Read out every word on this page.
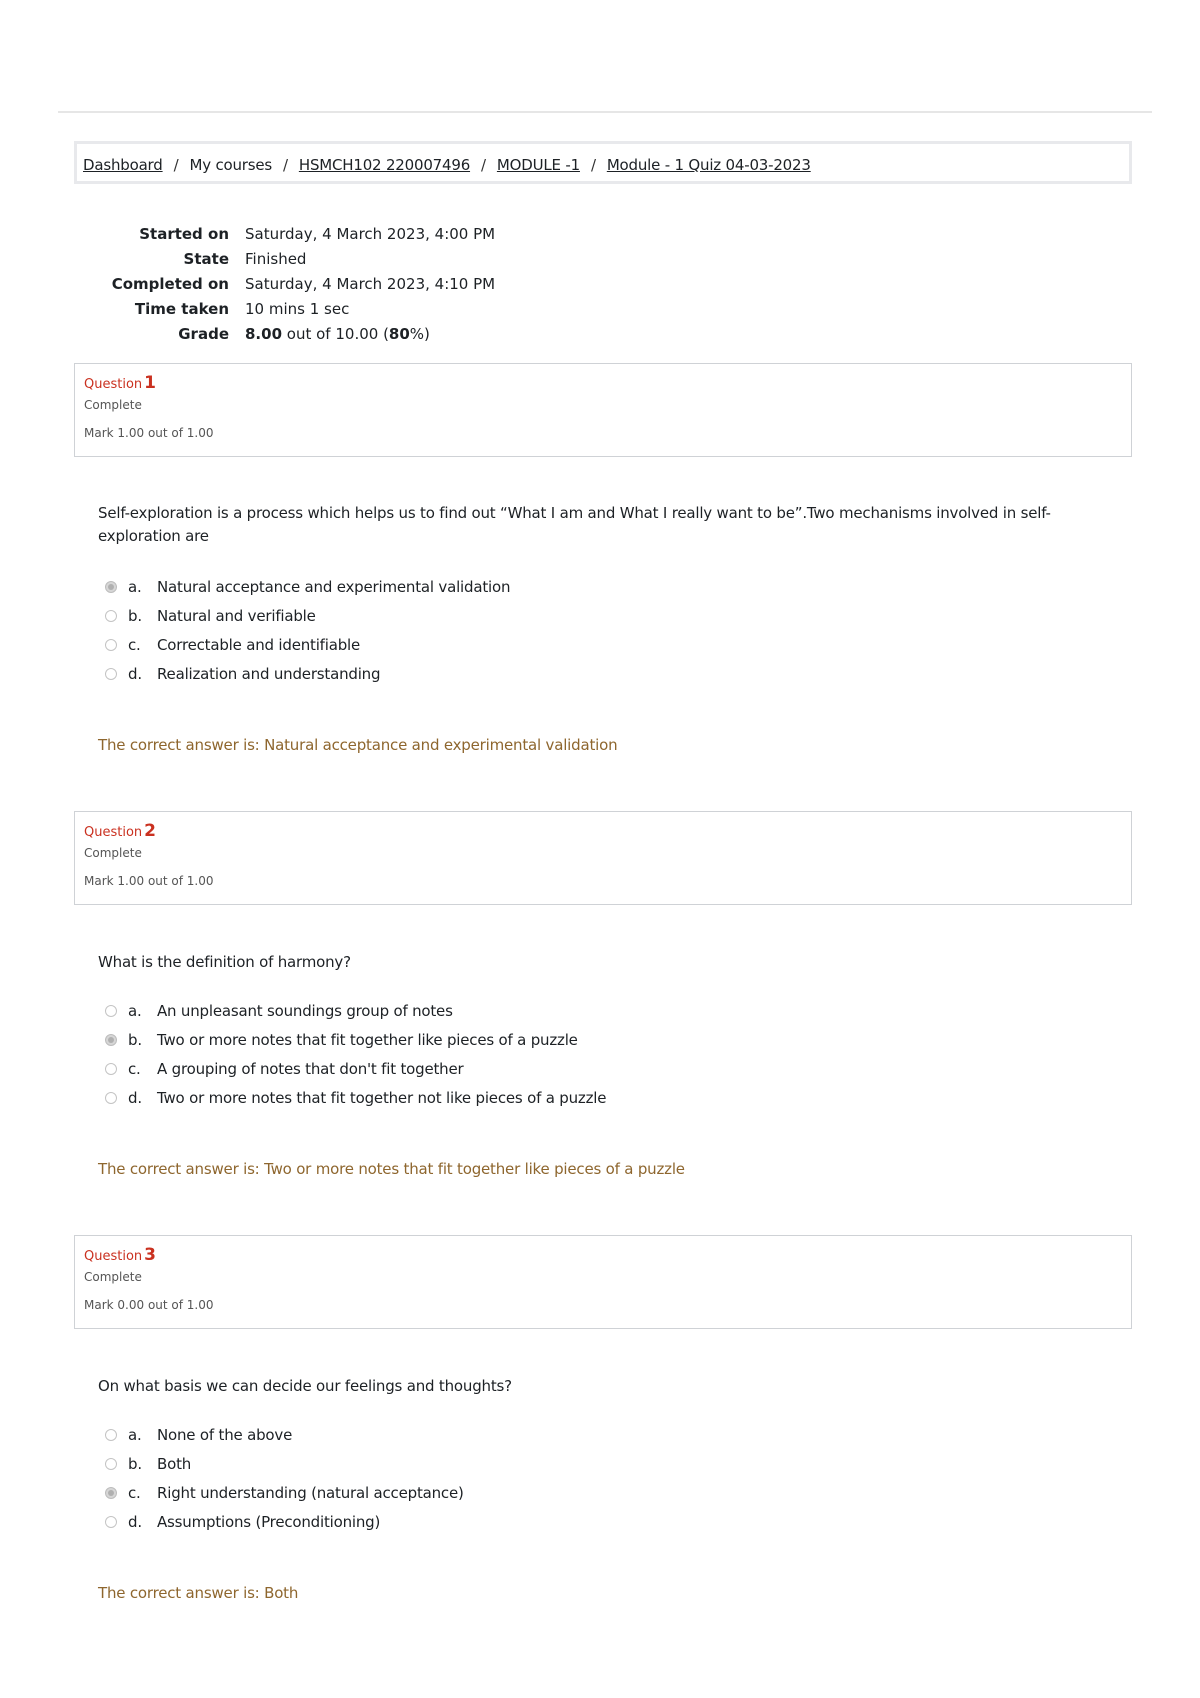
Dashboard / My courses / HSMCH102 220007496 / MODULE -1 / Module - 1 Quiz 04-03-2023
Started on	Saturday, 4 March 2023, 4:00 PM
State	Finished
Completed on	Saturday, 4 March 2023, 4:10 PM
Time taken	10 mins 1 sec
Grade	8.00 out of 10.00 (80%)
Question 1
Complete
Mark 1.00 out of 1.00
Self-exploration is a process which helps us to find out “What I am and What I really want to be”.Two mechanisms involved in self-exploration are
a.	Natural acceptance and experimental validation
b.	Natural and verifiable
c.	Correctable and identifiable
d.	Realization and understanding
The correct answer is: Natural acceptance and experimental validation
Question 2
Complete
Mark 1.00 out of 1.00
What is the definition of harmony?
a.	An unpleasant soundings group of notes
b.	Two or more notes that fit together like pieces of a puzzle
c.	A grouping of notes that don't fit together
d.	Two or more notes that fit together not like pieces of a puzzle
The correct answer is: Two or more notes that fit together like pieces of a puzzle
Question 3
Complete
Mark 0.00 out of 1.00
On what basis we can decide our feelings and thoughts?
a.	None of the above
b.	Both
c.	Right understanding (natural acceptance)
d.	Assumptions (Preconditioning)
The correct answer is: Both
